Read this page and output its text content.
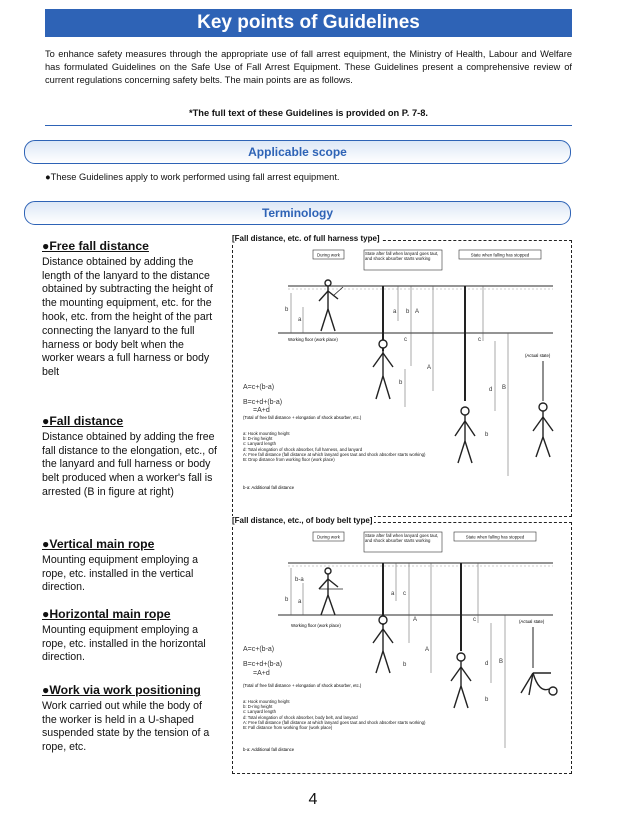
Key points of Guidelines
To enhance safety measures through the appropriate use of fall arrest equipment, the Ministry of Health, Labour and Welfare has formulated Guidelines on the Safe Use of Fall Arrest Equipment. These Guidelines present a comprehensive review of current regulations concerning safety belts. The main points are as follows.
*The full text of these Guidelines is provided on P. 7-8.
Applicable scope
●These Guidelines apply to work performed using fall arrest equipment.
Terminology
●Free fall distance
Distance obtained by adding the length of the lanyard to the distance obtained by subtracting the height of the mounting equipment, etc. for the hook, etc. from the height of the part connecting the lanyard to the full harness or body belt when the worker wears a full harness or body belt
●Fall distance
Distance obtained by adding the free fall distance to the elongation, etc., of the lanyard and full harness or body belt produced when a worker's fall is arrested (B in figure at right)
●Vertical main rope
Mounting equipment employing a rope, etc. installed in the vertical direction.
●Horizontal main rope
Mounting equipment employing a rope, etc. installed in the horizontal direction.
●Work via work positioning
Work carried out while the body of the worker is held in a U-shaped suspended state by the tension of a rope, etc.
During work	State after fall when lanyard goes taut, and shock absorber starts working
State when falling has stopped
Working floor (work place)
(Actual state)
b
a
a b A
c
A
b
c
d B
b
A=c+(b-a)
B=c+d+(b-a)
=A+d
(Total of free fall distance + elongation of shock absorber, etc.)
a: Hook mounting height
b: D-ring height
c: Lanyard length
d: Total elongation of shock absorber, full harness, and lanyard
A: Free fall distance (fall distance at which lanyard goes taut and shock absorber starts working)
B: Drop distance from working floor (work place)
b-a: Additional fall distance
[Fall distance, etc. of full harness type]
During work	State after fall when lanyard goes taut, and shock absorber starts working
State when falling has stopped
Working floor (work place)
(Actual state)
b-a
b a
a c
A
b
A
c
d B
b
A=c+(b-a)
B=c+d+(b-a)
=A+d
(Total of free fall distance + elongation of shock absorber, etc.)
a: Hook mounting height
b: D-ring height
c: Lanyard length
d: Total elongation of shock absorber, body belt, and lanyard
A: Free fall distance (fall distance at which lanyard goes taut and shock absorber starts working)
B: Fall distance from working floor (work place)
b-a: Additional fall distance
[Fall distance, etc., of body belt type]
4
